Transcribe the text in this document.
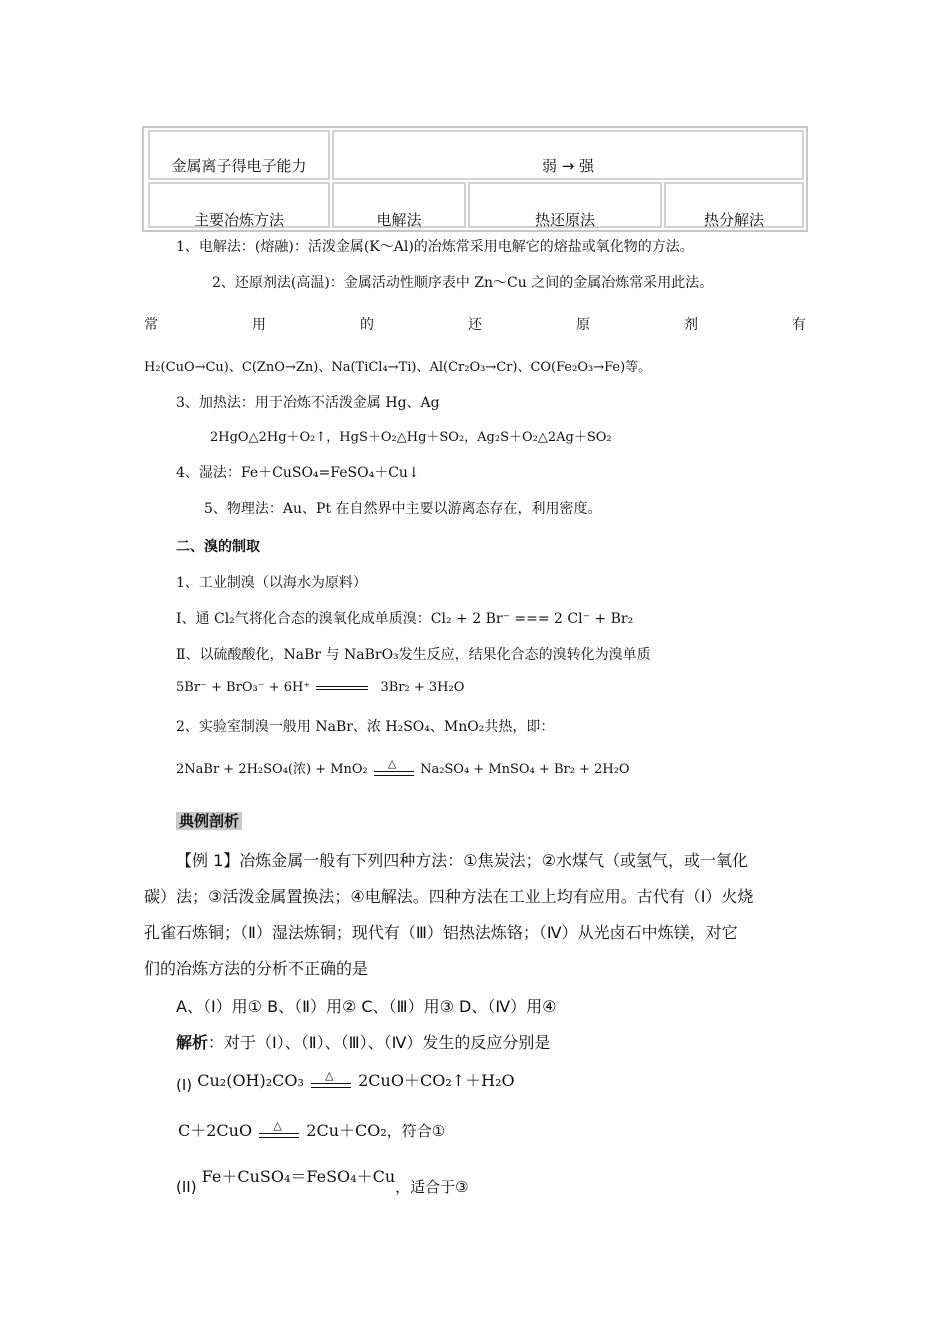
金属离子得电子能力	弱 → 强
主要冶炼方法	电解法	热还原法	热分解法
1、电解法：(熔融)：活泼金属(K～Al)的冶炼常采用电解它的熔盐或氧化物的方法。
2、还原剂法(高温)：金属活动性顺序表中 Zn～Cu 之间的金属冶炼常采用此法。
常	用	的	还	原	剂	有
H₂(CuO→Cu)、C(ZnO→Zn)、Na(TiCl₄→Ti)、Al(Cr₂O₃→Cr)、CO(Fe₂O₃→Fe)等。
3、加热法：用于冶炼不活泼金属 Hg、Ag
2HgO△2Hg＋O₂↑，HgS＋O₂△Hg＋SO₂，Ag₂S＋O₂△2Ag＋SO₂
4、湿法：Fe＋CuSO₄=FeSO₄＋Cu↓
5、物理法：Au、Pt 在自然界中主要以游离态存在，利用密度。
二、溴的制取
1、工业制溴（以海水为原料）
Ⅰ、通 Cl₂气将化合态的溴氧化成单质溴：Cl₂ + 2 Br⁻ === 2 Cl⁻ + Br₂
Ⅱ、以硫酸酸化，NaBr 与 NaBrO₃发生反应，结果化合态的溴转化为溴单质
5Br⁻ + BrO₃⁻ + 6H⁺	3Br₂ + 3H₂O
2、实验室制溴一般用 NaBr、浓 H₂SO₄、MnO₂共热，即：
2NaBr + 2H₂SO₄(浓) + MnO₂ △ Na₂SO₄ + MnSO₄ + Br₂ + 2H₂O
典例剖析
【例 1】冶炼金属一般有下列四种方法：①焦炭法；②水煤气（或氢气，或一氧化
碳）法；③活泼金属置换法；④电解法。四种方法在工业上均有应用。古代有（Ⅰ）火烧
孔雀石炼铜；（Ⅱ）湿法炼铜；现代有（Ⅲ）铝热法炼铬；（Ⅳ）从光卤石中炼镁，对它
们的冶炼方法的分析不正确的是
A、（Ⅰ）用① B、（Ⅱ）用② C、（Ⅲ）用③ D、（Ⅳ）用④
解析：对于（Ⅰ）、（Ⅱ）、（Ⅲ）、（Ⅳ）发生的反应分别是
(I) Cu₂(OH)₂CO₃ △ 2CuO＋CO₂↑＋H₂O
C＋2CuO △ 2Cu＋CO₂，符合①
(II) Fe＋CuSO₄＝FeSO₄＋Cu，适合于③
